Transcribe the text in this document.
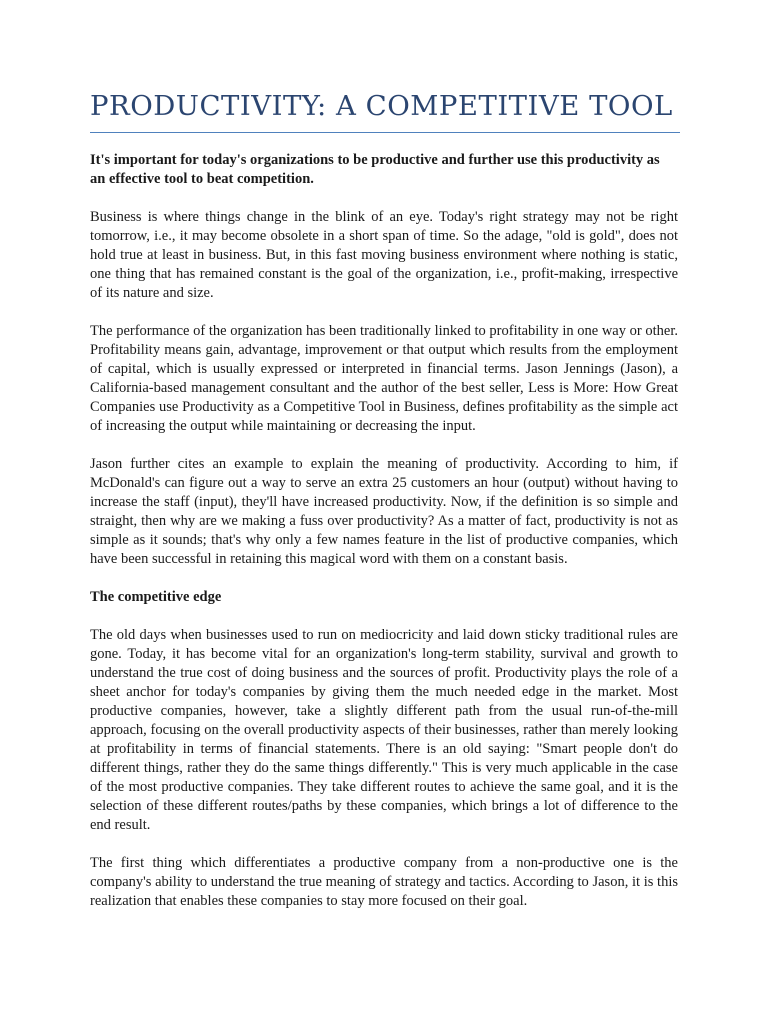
PRODUCTIVITY: A COMPETITIVE TOOL

It's important for today's organizations to be productive and further use this productivity as an effective tool to beat competition.

Business is where things change in the blink of an eye. Today's right strategy may not be right tomorrow, i.e., it may become obsolete in a short span of time. So the adage, "old is gold", does not hold true at least in business. But, in this fast moving business environment where nothing is static, one thing that has remained constant is the goal of the organization, i.e., profit-making, irrespective of its nature and size.

The performance of the organization has been traditionally linked to profitability in one way or other. Profitability means gain, advantage, improvement or that output which results from the employment of capital, which is usually expressed or interpreted in financial terms. Jason Jennings (Jason), a California-based management consultant and the author of the best seller, Less is More: How Great Companies use Productivity as a Competitive Tool in Business, defines profitability as the simple act of increasing the output while maintaining or decreasing the input.

Jason further cites an example to explain the meaning of productivity. According to him, if McDonald's can figure out a way to serve an extra 25 customers an hour (output) without having to increase the staff (input), they'll have increased productivity. Now, if the definition is so simple and straight, then why are we making a fuss over productivity? As a matter of fact, productivity is not as simple as it sounds; that's why only a few names feature in the list of productive companies, which have been successful in retaining this magical word with them on a constant basis.

The competitive edge

The old days when businesses used to run on mediocricity and laid down sticky traditional rules are gone. Today, it has become vital for an organization's long-term stability, survival and growth to understand the true cost of doing business and the sources of profit. Productivity plays the role of a sheet anchor for today's companies by giving them the much needed edge in the market. Most productive companies, however, take a slightly different path from the usual run-of-the-mill approach, focusing on the overall productivity aspects of their businesses, rather than merely looking at profitability in terms of financial statements. There is an old saying: "Smart people don't do different things, rather they do the same things differently." This is very much applicable in the case of the most productive companies. They take different routes to achieve the same goal, and it is the selection of these different routes/paths by these companies, which brings a lot of difference to the end result.

The first thing which differentiates a productive company from a non-productive one is the company's ability to understand the true meaning of strategy and tactics. According to Jason, it is this realization that enables these companies to stay more focused on their goal.
